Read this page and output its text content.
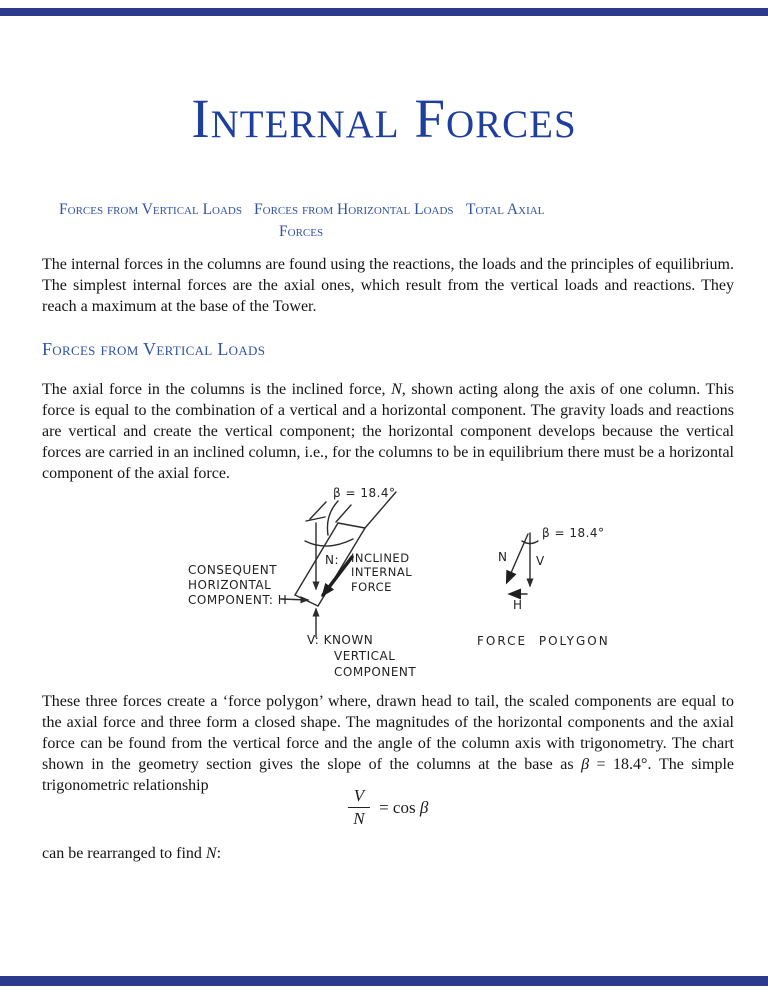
Internal Forces
Forces from Vertical Loads Forces from Horizontal Loads Total Axial
Forces

The internal forces in the columns are found using the reactions, the loads and the principles of equilibrium. The simplest internal forces are the axial ones, which result from the vertical loads and reactions. They reach a maximum at the base of the Tower.

Forces from Vertical Loads

The axial force in the columns is the inclined force, N, shown acting along the axis of one column. This force is equal to the combination of a vertical and a horizontal component. The gravity loads and reactions are vertical and create the vertical component; the horizontal component develops because the vertical forces are carried in an inclined column, i.e., for the columns to be in equilibrium there must be a horizontal component of the axial force.

β = 18.4°
CONSEQUENT
HORIZONTAL
COMPONENT: H
N: INCLINED
INTERNAL
FORCE
V: KNOWN
VERTICAL
COMPONENT
β = 18.4°
N V
H
FORCE POLYGON

These three forces create a ‘force polygon’ where, drawn head to tail, the scaled components are equal to the axial force and three form a closed shape. The magnitudes of the horizontal components and the axial force can be found from the vertical force and the angle of the column axis with trigonometry. The chart shown in the geometry section gives the slope of the columns at the base as β = 18.4°. The simple trigonometric relationship

$\frac{V}{N} = \cos \beta$

can be rearranged to find N:
